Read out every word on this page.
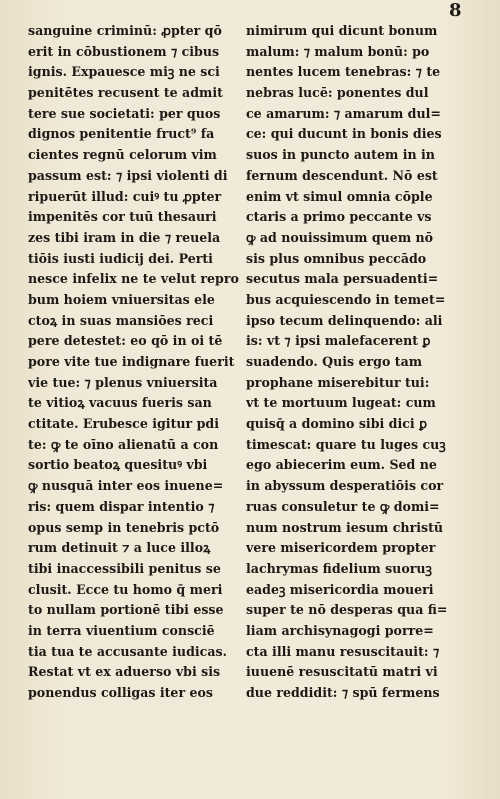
8
sanguine criminū: ꝓpter qō
erit in cōbustionem ⁊ cibus
ignis. Expauesce miꝫ ne sci
penitētes recusent te admit
tere sue societati: per quos
dignos penitentie fruct⁹ fa
cientes regnū celorum vim
passum est: ⁊ ipsi violenti di
ripuerūt illud: cuiꝰ tu ꝓpter
impenitēs cor tuū thesauri
zes tibi iram in die ⁊ reuela
tiōis iusti iudicij dei. Perti
nesce infelix ne te velut repro
bum hoiem vniuersitas ele
ctoꝝ in suas mansiōes reci
pere detestet: eo qō in oi tē
pore vite tue indignare fuerit
vie tue: ⁊ plenus vniuersita
te vitioꝝ vacuus fueris san
ctitate. Erubesce igitur pdi
te: ꝙ te oīno alienatū a con
sortio beatoꝝ quesituꝰ vbi
ꝙ nusquā inter eos inuene=
ris: quem dispar intentio ⁊
opus semp in tenebris pctō
rum detinuit ⁊ a luce illoꝝ
tibi inaccessibili penitus se
clusit. Ecce tu homo q̄ meri
to nullam portionē tibi esse
in terra viuentium consciē
tia tua te accusante iudicas.
Restat vt ex aduerso vbi sis
ponendus colligas iter eos
nimirum qui dicunt bonum
malum: ⁊ malum bonū: po
nentes lucem tenebras: ⁊ te
nebras lucē: ponentes dul
ce amarum: ⁊ amarum dul=
ce: qui ducunt in bonis dies
suos in puncto autem in in
fernum descendunt. Nō est
enim vt simul omnia cōple
ctaris a primo peccante vs
ꝙ ad nouissimum quem nō
sis plus omnibus peccādo
secutus mala persuadenti=
bus acquiescendo in temet=
ipso tecum delinquendo: ali
is: vt ⁊ ipsi malefacerent ꝑ
suadendo. Quis ergo tam
prophane miserebitur tui:
vt te mortuum lugeat: cum
quisq̄ a domino sibi dici ꝑ
timescat: quare tu luges cuꝫ
ego abiecerim eum. Sed ne
in abyssum desperatiōis cor
ruas consuletur te ꝙ domi=
num nostrum iesum christū
vere misericordem propter
lachrymas fidelium suoruꝫ
eadeꝫ misericordia moueri
super te nō desperas qua fi=
liam archisynagogi porre=
cta illi manu resuscitauit: ⁊
iuuenē resuscitatū matri vi
due reddidit: ⁊ spū fermens
